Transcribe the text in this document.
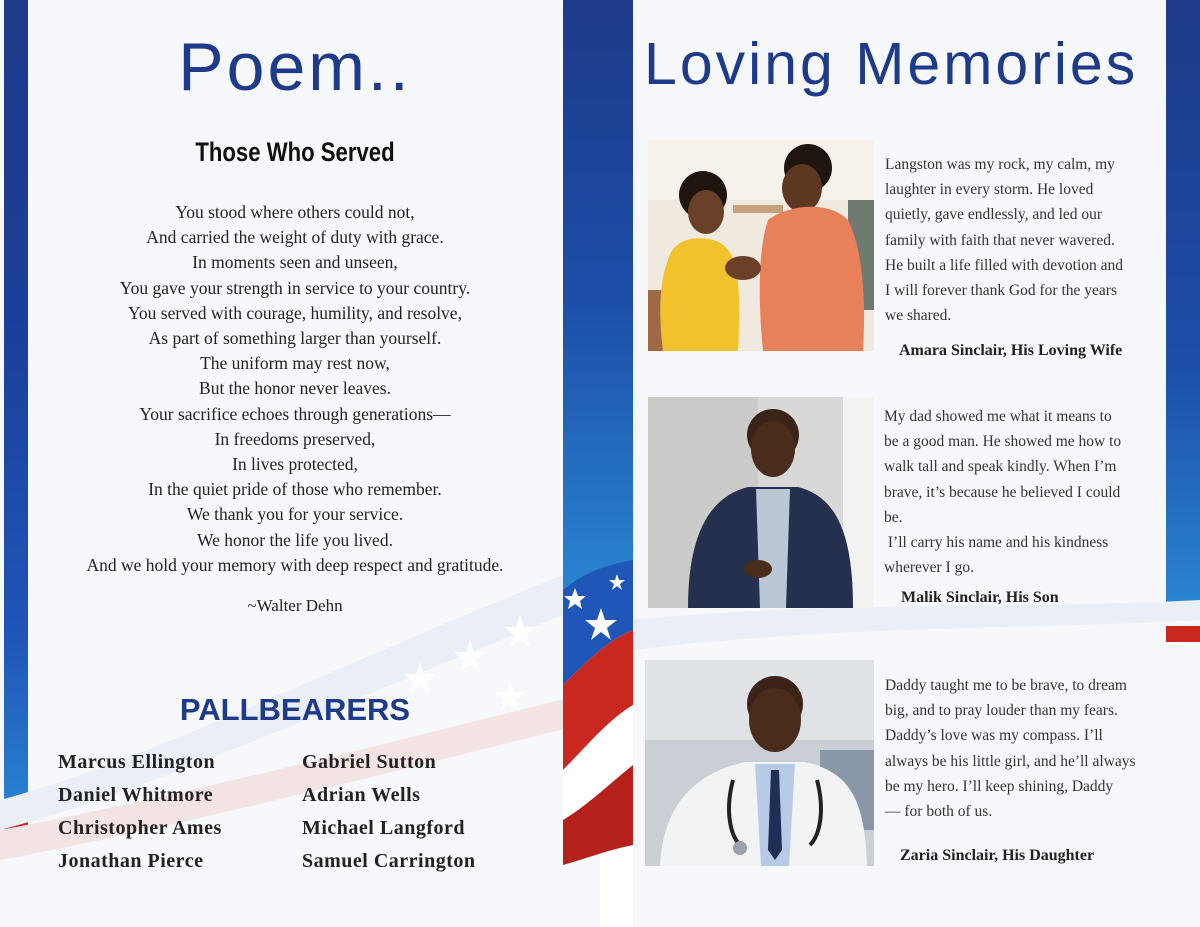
Poem..
Those Who Served
You stood where others could not,
And carried the weight of duty with grace.
In moments seen and unseen,
You gave your strength in service to your country.
You served with courage, humility, and resolve,
As part of something larger than yourself.
The uniform may rest now,
But the honor never leaves.
Your sacrifice echoes through generations—
In freedoms preserved,
In lives protected,
In the quiet pride of those who remember.
We thank you for your service.
We honor the life you lived.
And we hold your memory with deep respect and gratitude.
~Walter Dehn
PALLBEARERS
Marcus Ellington
Daniel Whitmore
Christopher Ames
Jonathan Pierce
Gabriel Sutton
Adrian Wells
Michael Langford
Samuel Carrington
Loving Memories
Langston was my rock, my calm, my
laughter in every storm. He loved
quietly, gave endlessly, and led our
family with faith that never wavered.
He built a life filled with devotion and
I will forever thank God for the years
we shared.
Amara Sinclair, His Loving Wife
My dad showed me what it means to
be a good man. He showed me how to
walk tall and speak kindly. When I’m
brave, it’s because he believed I could
be.
I’ll carry his name and his kindness
wherever I go.
Malik Sinclair, His Son
Daddy taught me to be brave, to dream
big, and to pray louder than my fears.
Daddy’s love was my compass. I’ll
always be his little girl, and he’ll always
be my hero. I’ll keep shining, Daddy
— for both of us.
Zaria Sinclair, His Daughter
